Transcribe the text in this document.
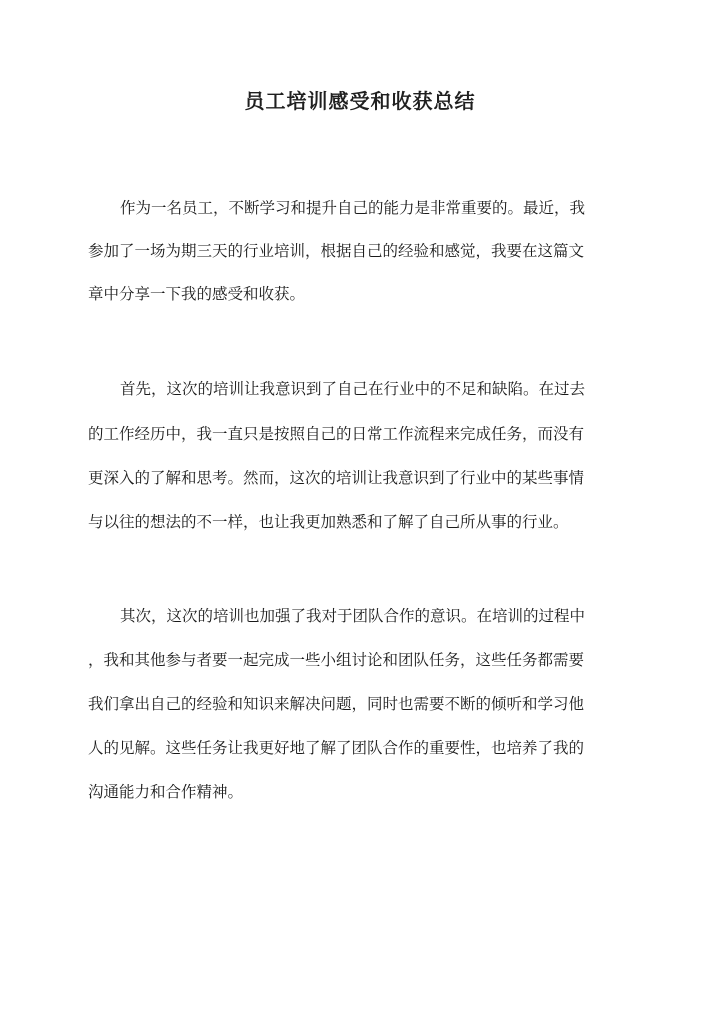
员工培训感受和收获总结

作为一名员工，不断学习和提升自己的能力是非常重要的。最近，我

参加了一场为期三天的行业培训，根据自己的经验和感觉，我要在这篇文

章中分享一下我的感受和收获。

首先，这次的培训让我意识到了自己在行业中的不足和缺陷。在过去

的工作经历中，我一直只是按照自己的日常工作流程来完成任务，而没有

更深入的了解和思考。然而，这次的培训让我意识到了行业中的某些事情

与以往的想法的不一样，也让我更加熟悉和了解了自己所从事的行业。

其次，这次的培训也加强了我对于团队合作的意识。在培训的过程中

，我和其他参与者要一起完成一些小组讨论和团队任务，这些任务都需要

我们拿出自己的经验和知识来解决问题，同时也需要不断的倾听和学习他

人的见解。这些任务让我更好地了解了团队合作的重要性，也培养了我的

沟通能力和合作精神。
